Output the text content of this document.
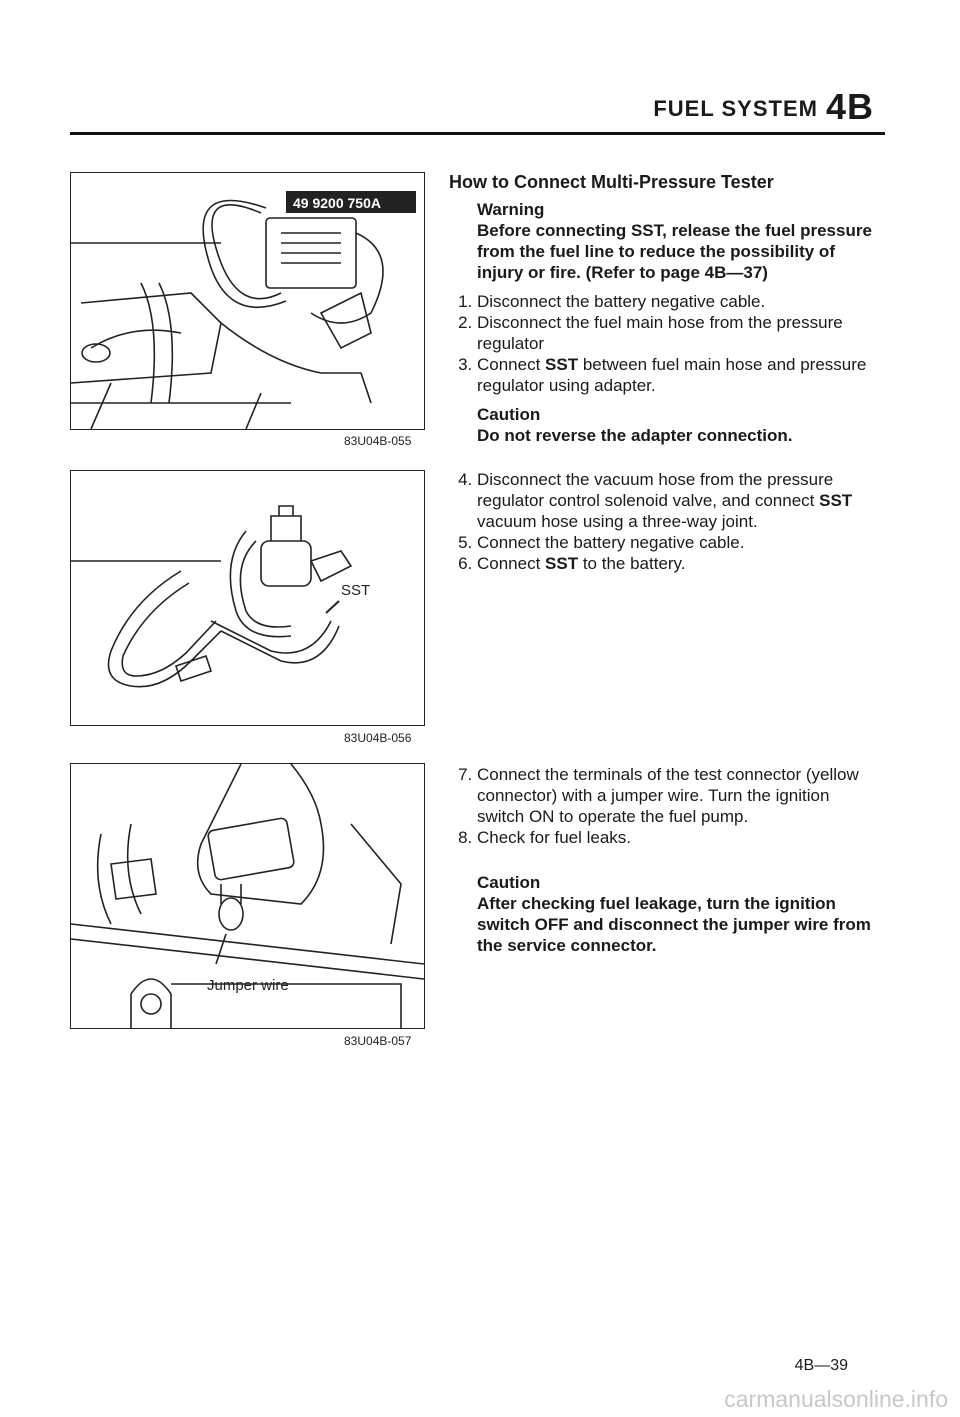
FUEL SYSTEM 4B
49 9200 750A
83U04B-055
SST
83U04B-056
Jumper wire
83U04B-057
How to Connect Multi-Pressure Tester
Warning
Before connecting SST, release the fuel pressure from the fuel line to reduce the possibility of injury or fire. (Refer to page 4B—37)
1. Disconnect the battery negative cable.
2. Disconnect the fuel main hose from the pressure regulator
3. Connect SST between fuel main hose and pressure regulator using adapter.
Caution
Do not reverse the adapter connection.
4. Disconnect the vacuum hose from the pressure regulator control solenoid valve, and connect SST vacuum hose using a three-way joint.
5. Connect the battery negative cable.
6. Connect SST to the battery.
7. Connect the terminals of the test connector (yellow connector) with a jumper wire. Turn the ignition switch ON to operate the fuel pump.
8. Check for fuel leaks.
Caution
After checking fuel leakage, turn the ignition switch OFF and disconnect the jumper wire from the service connector.
4B—39
carmanualsonline.info
